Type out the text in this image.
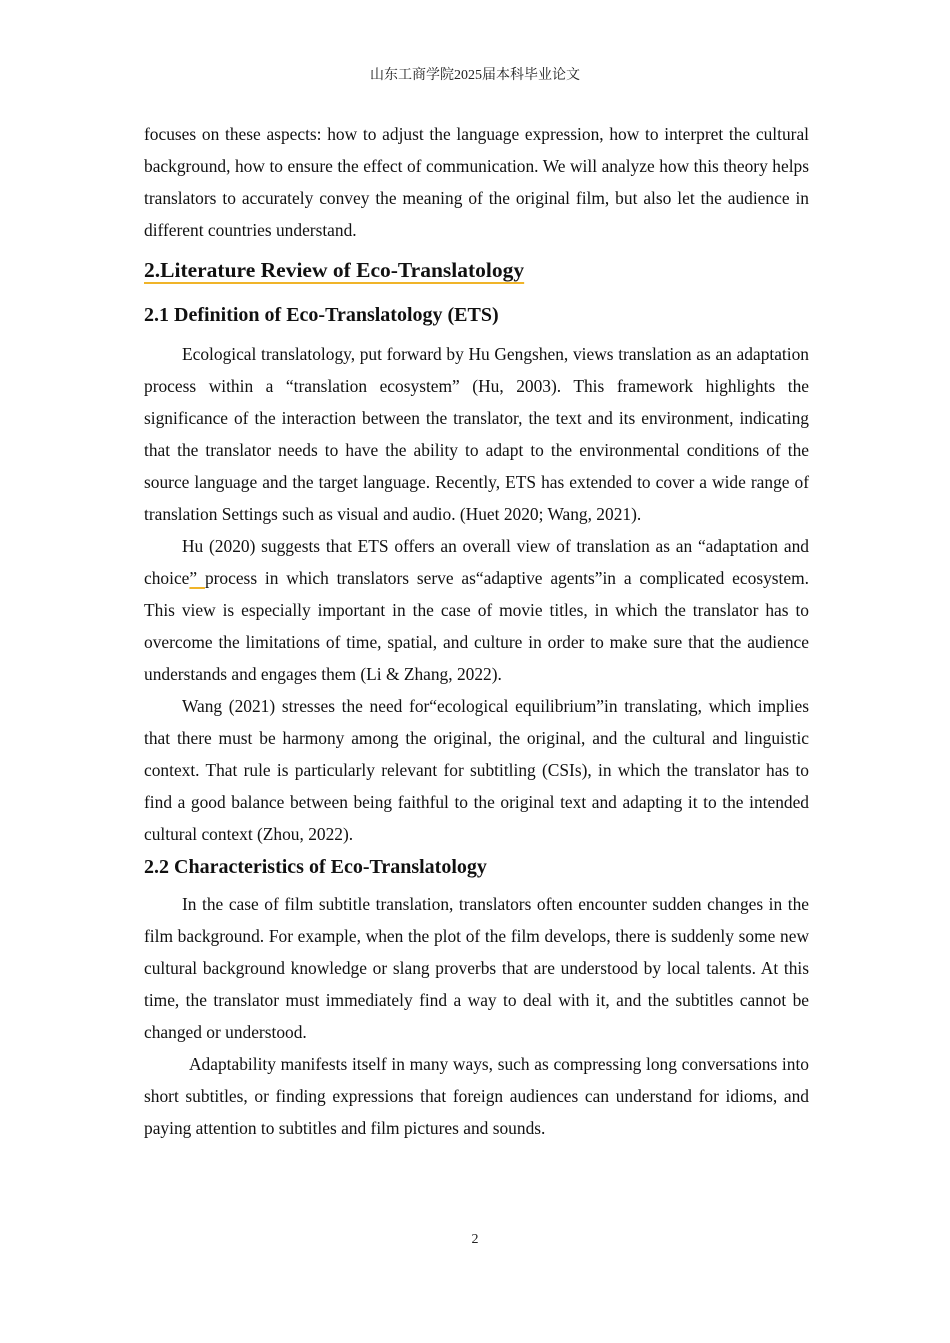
山东工商学院2025届本科毕业论文

focuses on these aspects: how to adjust the language expression, how to interpret the cultural background, how to ensure the effect of communication. We will analyze how this theory helps translators to accurately convey the meaning of the original film, but also let the audience in different countries understand.

2.Literature Review of Eco-Translatology
2.1 Definition of Eco-Translatology (ETS)

Ecological translatology, put forward by Hu Gengshen, views translation as an adaptation process within a “translation ecosystem” (Hu, 2003). This framework highlights the significance of the interaction between the translator, the text and its environment, indicating that the translator needs to have the ability to adapt to the environmental conditions of the source language and the target language. Recently, ETS has extended to cover a wide range of translation Settings such as visual and audio. (Huet 2020; Wang, 2021).

Hu (2020) suggests that ETS offers an overall view of translation as an “adaptation and choice” process in which translators serve as“adaptive agents”in a complicated ecosystem. This view is especially important in the case of movie titles, in which the translator has to overcome the limitations of time, spatial, and culture in order to make sure that the audience understands and engages them (Li & Zhang, 2022).

Wang (2021) stresses the need for“ecological equilibrium”in translating, which implies that there must be harmony among the original, the original, and the cultural and linguistic context. That rule is particularly relevant for subtitling (CSIs), in which the translator has to find a good balance between being faithful to the original text and adapting it to the intended cultural context (Zhou, 2022).

2.2 Characteristics of Eco-Translatology

In the case of film subtitle translation, translators often encounter sudden changes in the film background. For example, when the plot of the film develops, there is suddenly some new cultural background knowledge or slang proverbs that are understood by local talents. At this time, the translator must immediately find a way to deal with it, and the subtitles cannot be changed or understood.

Adaptability manifests itself in many ways, such as compressing long conversations into short subtitles, or finding expressions that foreign audiences can understand for idioms, and paying attention to subtitles and film pictures and sounds.

2
